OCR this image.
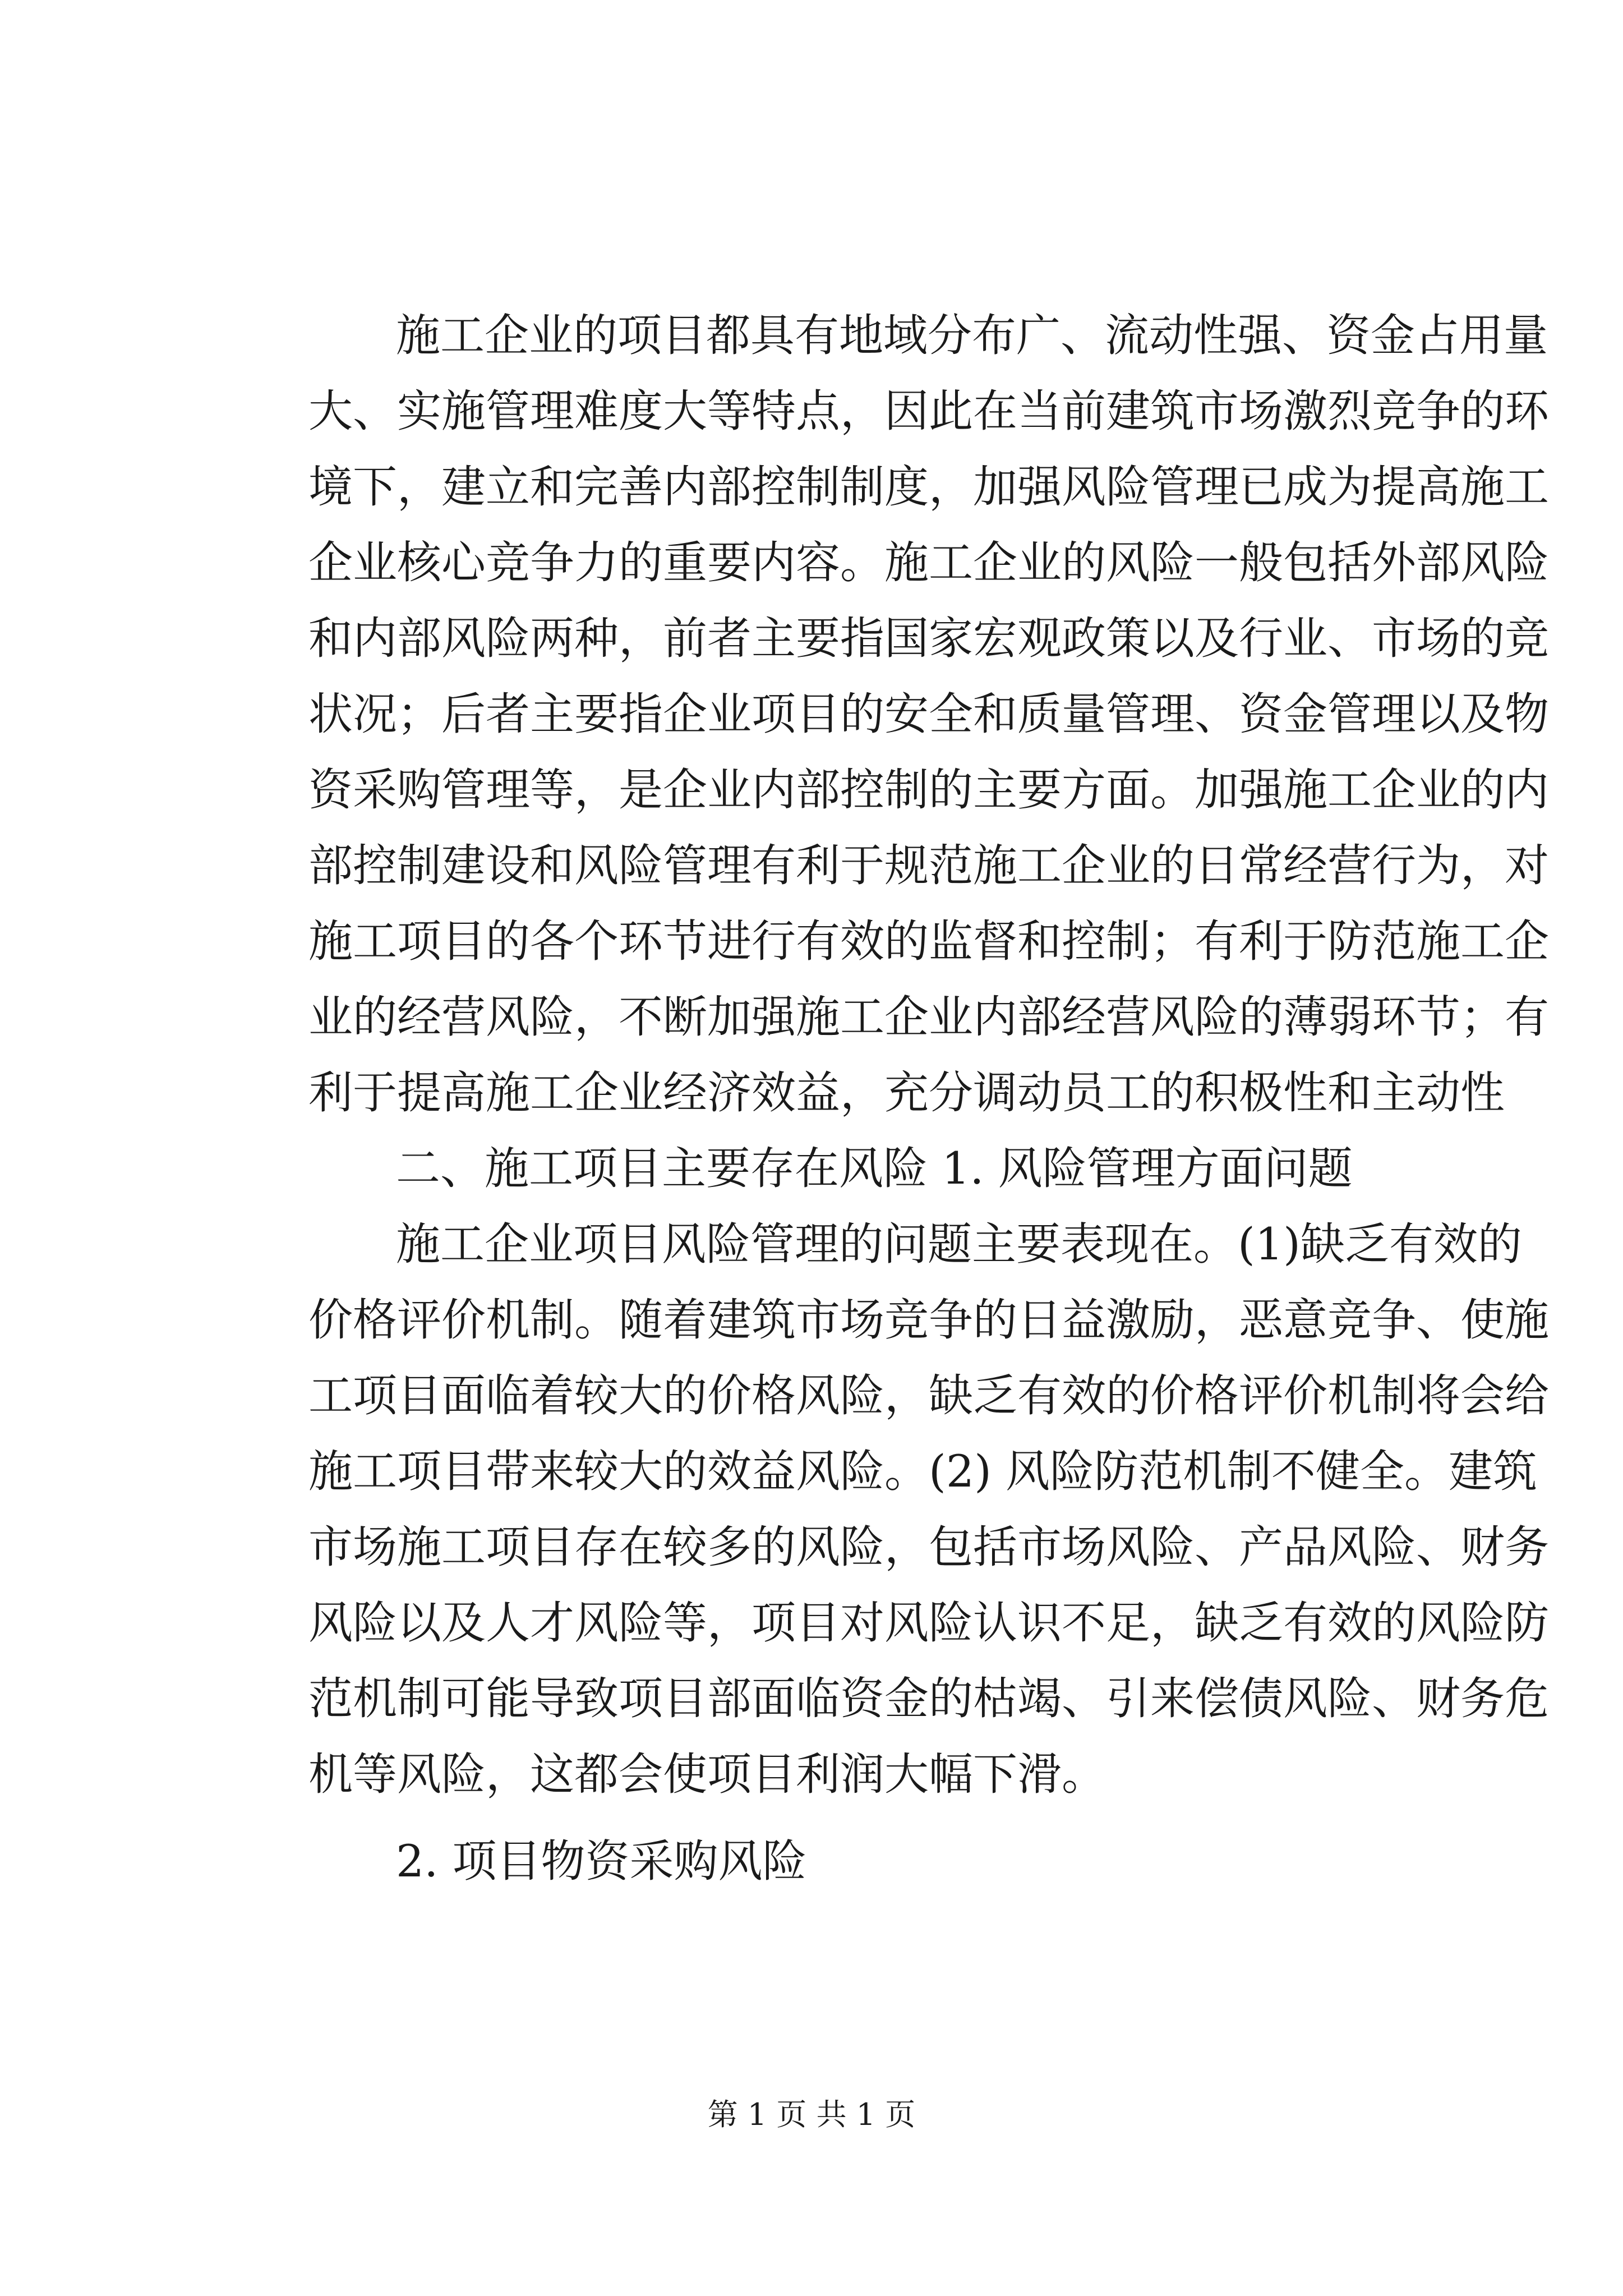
施工企业的项目都具有地域分布广、流动性强、资金占用量
大、实施管理难度大等特点，因此在当前建筑市场激烈竞争的环
境下，建立和完善内部控制制度，加强风险管理已成为提高施工
企业核心竞争力的重要内容。施工企业的风险一般包括外部风险
和内部风险两种，前者主要指国家宏观政策以及行业、市场的竞
状况；后者主要指企业项目的安全和质量管理、资金管理以及物
资采购管理等，是企业内部控制的主要方面。加强施工企业的内
部控制建设和风险管理有利于规范施工企业的日常经营行为，对
施工项目的各个环节进行有效的监督和控制；有利于防范施工企
业的经营风险，不断加强施工企业内部经营风险的薄弱环节；有
利于提高施工企业经济效益，充分调动员工的积极性和主动性
二、施工项目主要存在风险 1. 风险管理方面问题
施工企业项目风险管理的问题主要表现在。(1)缺乏有效的
价格评价机制。随着建筑市场竞争的日益激励，恶意竞争、使施
工项目面临着较大的价格风险，缺乏有效的价格评价机制将会给
施工项目带来较大的效益风险。(2) 风险防范机制不健全。建筑
市场施工项目存在较多的风险，包括市场风险、产品风险、财务
风险以及人才风险等，项目对风险认识不足，缺乏有效的风险防
范机制可能导致项目部面临资金的枯竭、引来偿债风险、财务危
机等风险，这都会使项目利润大幅下滑。
2. 项目物资采购风险
第 1 页 共 1 页
